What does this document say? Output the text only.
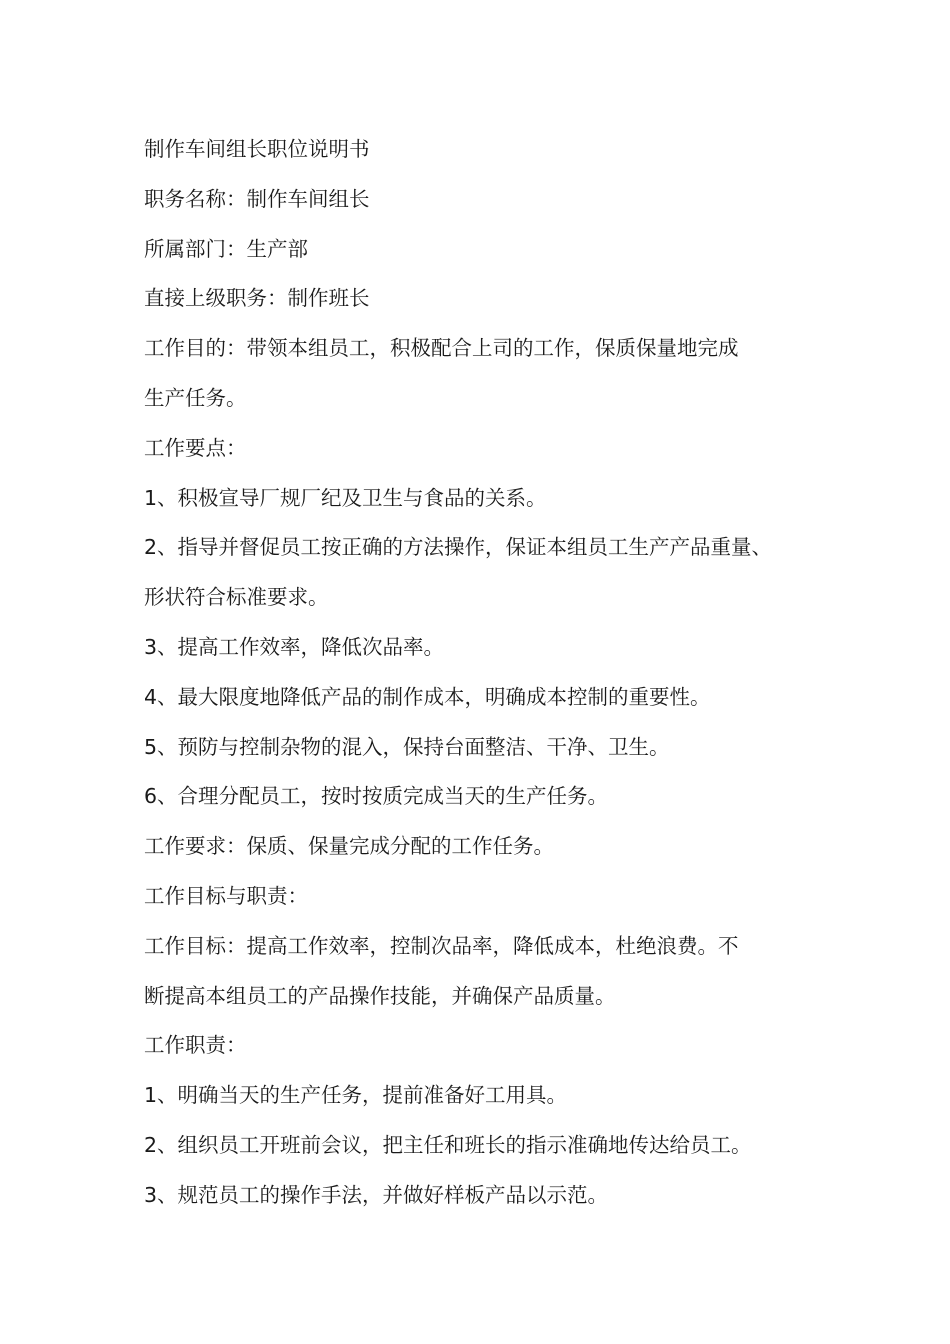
制作车间组长职位说明书
职务名称：制作车间组长
所属部门：生产部
直接上级职务：制作班长
工作目的：带领本组员工，积极配合上司的工作，保质保量地完成
生产任务。
工作要点：
1、积极宣导厂规厂纪及卫生与食品的关系。
2、指导并督促员工按正确的方法操作，保证本组员工生产产品重量、
形状符合标准要求。
3、提高工作效率，降低次品率。
4、最大限度地降低产品的制作成本，明确成本控制的重要性。
5、预防与控制杂物的混入，保持台面整洁、干净、卫生。
6、合理分配员工，按时按质完成当天的生产任务。
工作要求：保质、保量完成分配的工作任务。
工作目标与职责：
工作目标：提高工作效率，控制次品率，降低成本，杜绝浪费。不
断提高本组员工的产品操作技能，并确保产品质量。
工作职责：
1、明确当天的生产任务，提前准备好工用具。
2、组织员工开班前会议，把主任和班长的指示准确地传达给员工。
3、规范员工的操作手法，并做好样板产品以示范。
